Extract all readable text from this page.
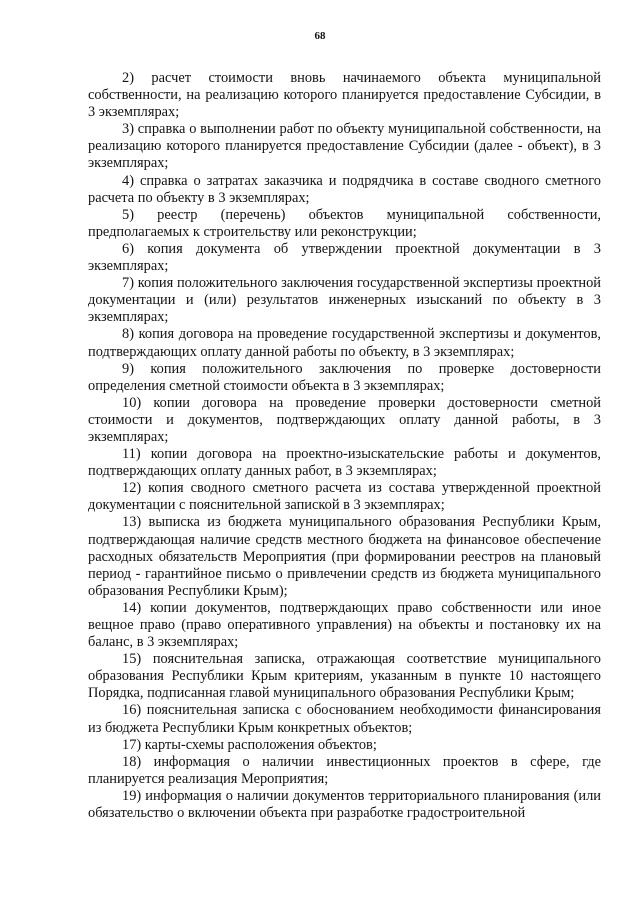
68

2) расчет стоимости вновь начинаемого объекта муниципальной собственности, на реализацию которого планируется предоставление Субсидии, в 3 экземплярах;

3) справка о выполнении работ по объекту муниципальной собственности, на реализацию которого планируется предоставление Субсидии (далее - объект), в 3 экземплярах;

4) справка о затратах заказчика и подрядчика в составе сводного сметного расчета по объекту в 3 экземплярах;

5) реестр (перечень) объектов муниципальной собственности, предполагаемых к строительству или реконструкции;

6) копия документа об утверждении проектной документации в 3 экземплярах;

7) копия положительного заключения государственной экспертизы проектной документации и (или) результатов инженерных изысканий по объекту в 3 экземплярах;

8) копия договора на проведение государственной экспертизы и документов, подтверждающих оплату данной работы по объекту, в 3 экземплярах;

9) копия положительного заключения по проверке достоверности определения сметной стоимости объекта в 3 экземплярах;

10) копии договора на проведение проверки достоверности сметной стоимости и документов, подтверждающих оплату данной работы, в 3 экземплярах;

11) копии договора на проектно-изыскательские работы и документов, подтверждающих оплату данных работ, в 3 экземплярах;

12) копия сводного сметного расчета из состава утвержденной проектной документации с пояснительной запиской в 3 экземплярах;

13) выписка из бюджета муниципального образования Республики Крым, подтверждающая наличие средств местного бюджета на финансовое обеспечение расходных обязательств Мероприятия (при формировании реестров на плановый период - гарантийное письмо о привлечении средств из бюджета муниципального образования Республики Крым);

14) копии документов, подтверждающих право собственности или иное вещное право (право оперативного управления) на объекты и постановку их на баланс, в 3 экземплярах;

15) пояснительная записка, отражающая соответствие муниципального образования Республики Крым критериям, указанным в пункте 10 настоящего Порядка, подписанная главой муниципального образования Республики Крым;

16) пояснительная записка с обоснованием необходимости финансирования из бюджета Республики Крым конкретных объектов;

17) карты-схемы расположения объектов;

18) информация о наличии инвестиционных проектов в сфере, где планируется реализация Мероприятия;

19) информация о наличии документов территориального планирования (или обязательство о включении объекта при разработке градостроительной
